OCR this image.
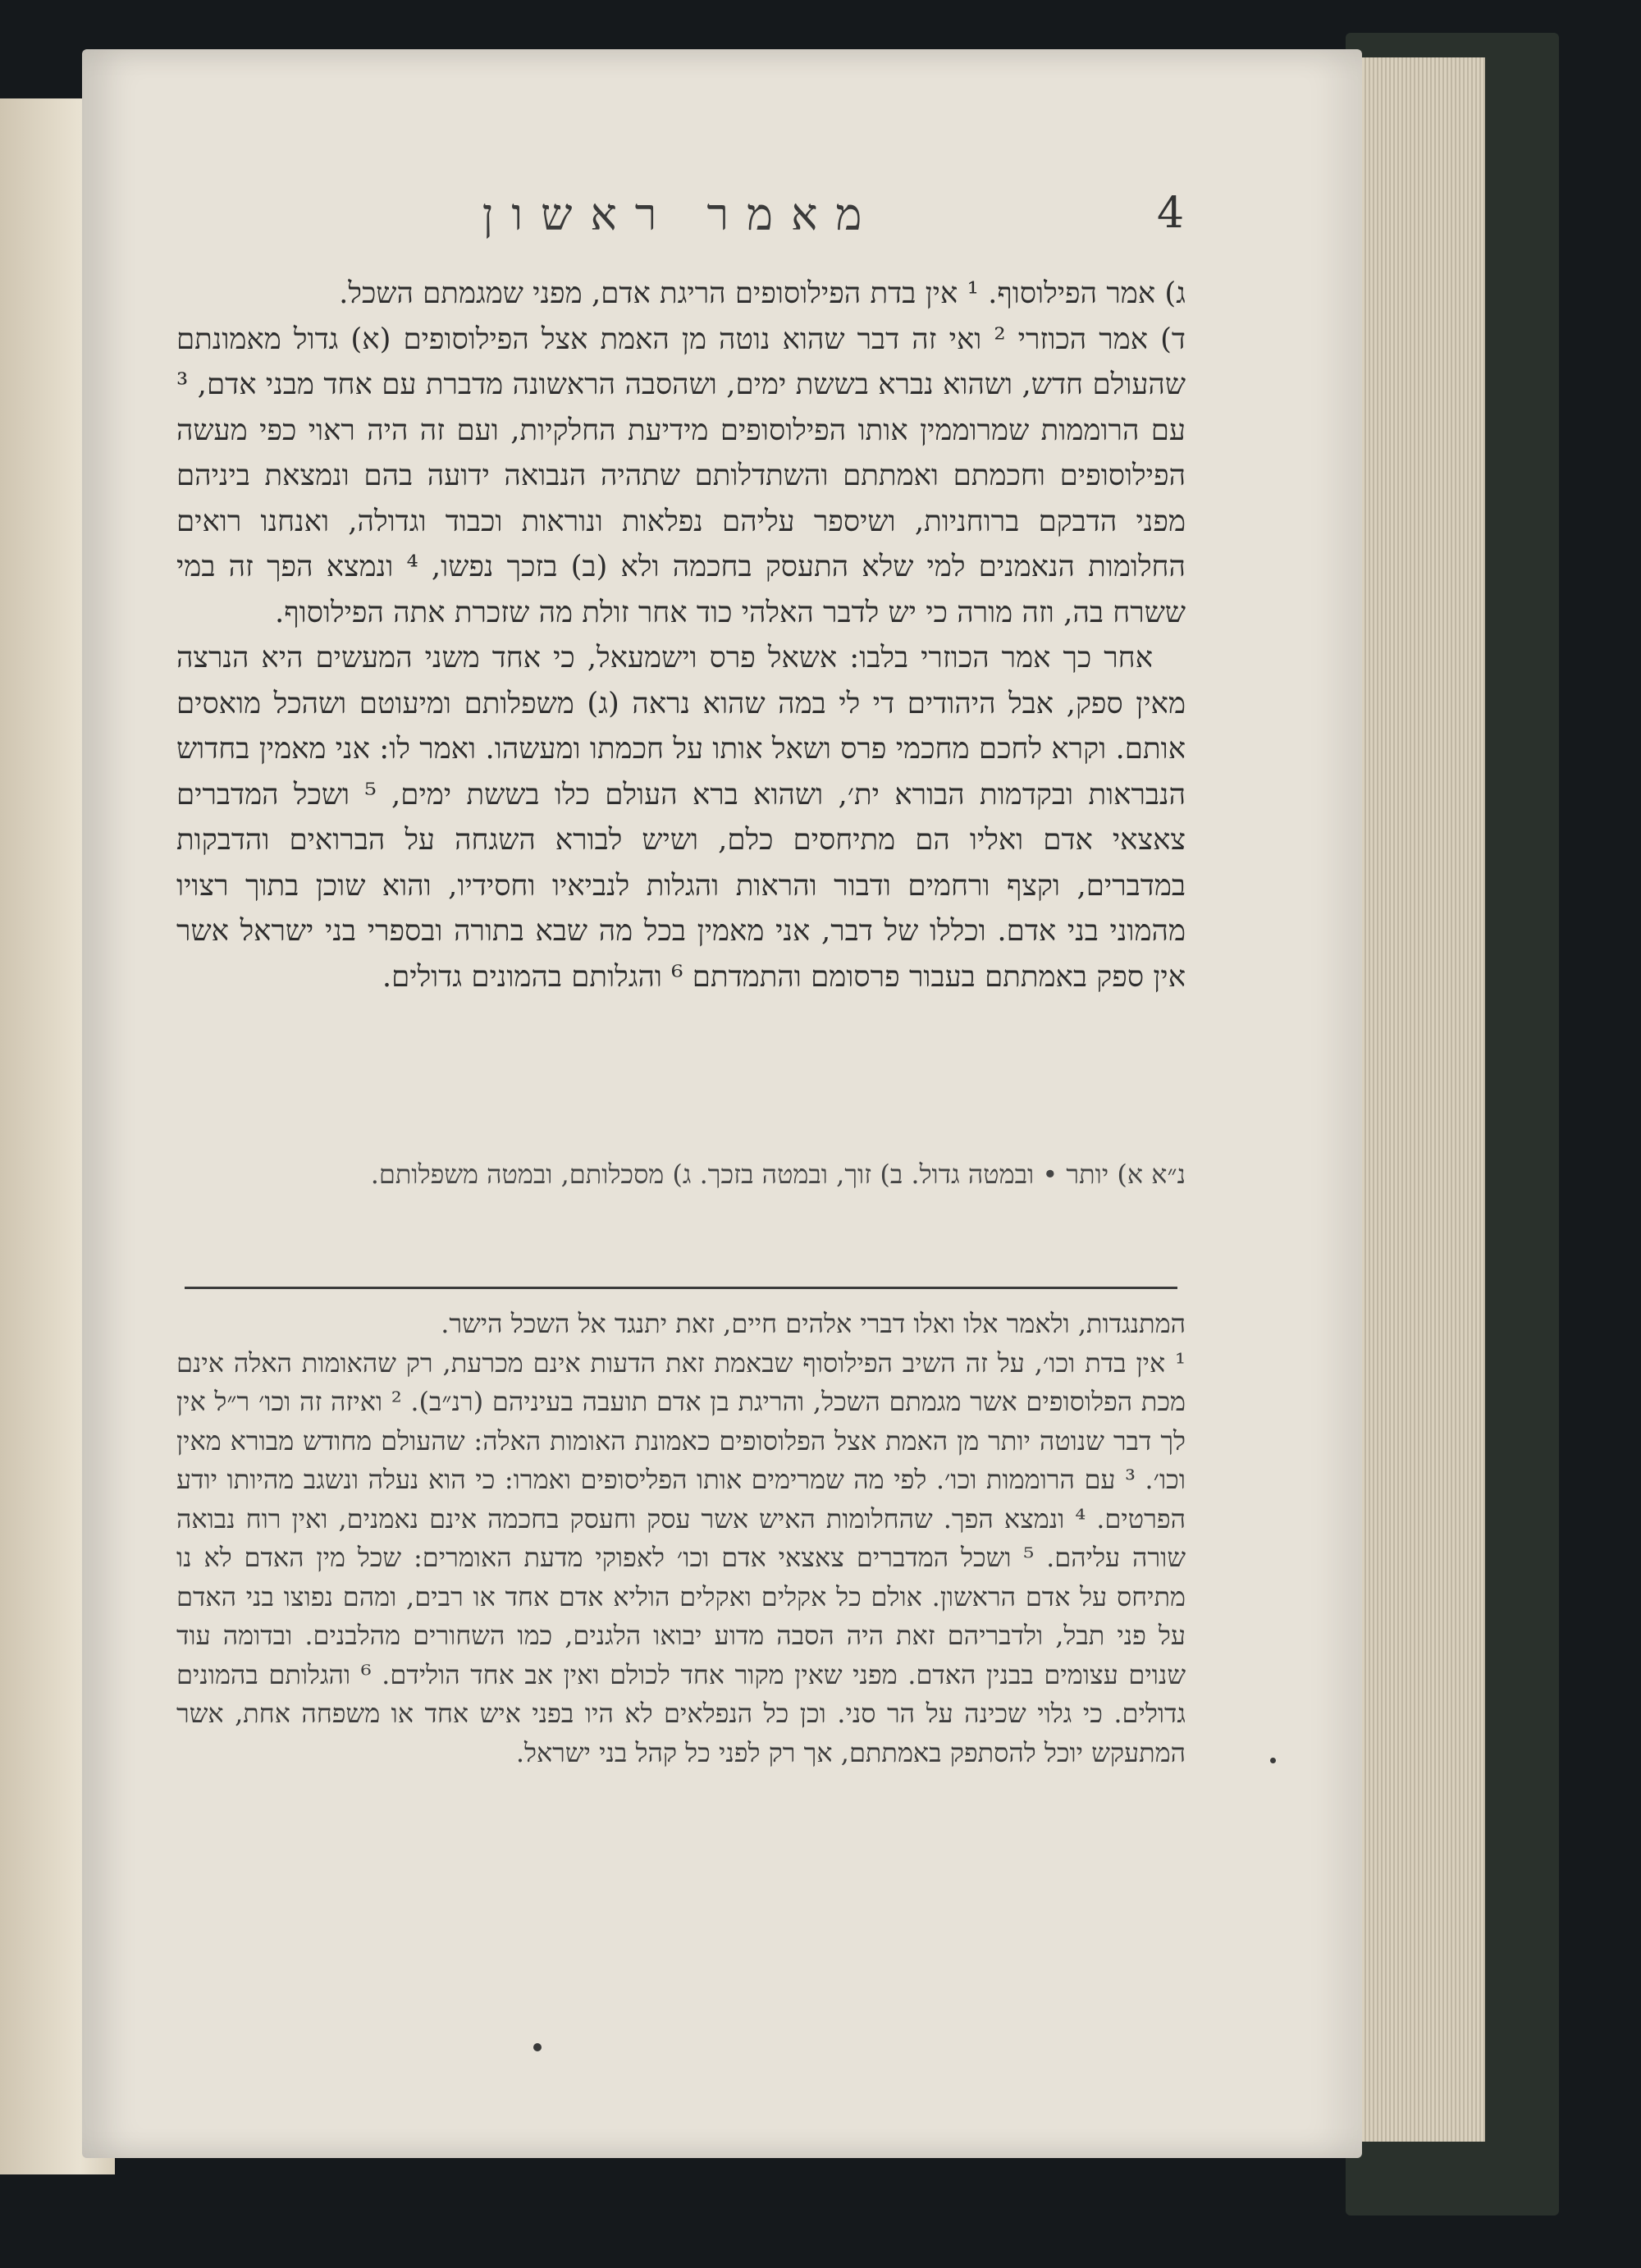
מאמר ראשון	4

ג) אמר הפילוסוף. ¹ אין בדת הפילוסופים הריגת אדם, מפני שמגמתם השכל.

ד) אמר הכוזרי ² ואי זה דבר שהוא נוטה מן האמת אצל הפילוסופים (א) גדול מאמונתם שהעולם חדש, ושהוא נברא בששת ימים, ושהסבה הראשונה מדברת עם אחד מבני אדם, ³ עם הרוממות שמרוממין אותו הפילוסופים מידיעת החלקיות, ועם זה היה ראוי כפי מעשה הפילוסופים וחכמתם ואמתתם והשתדלותם שתהיה הנבואה ידועה בהם ונמצאת ביניהם מפני הדבקם ברוחניות, ושיספר עליהם נפלאות ונוראות וכבוד וגדולה, ואנחנו רואים החלומות הנאמנים למי שלא התעסק בחכמה ולא (ב) בזכך נפשו, ⁴ ונמצא הפך זה במי ששרח בה, וזה מורה כי יש לדבר האלהי כוד אחר זולת מה שזכרת אתה הפילוסוף.

אחר כך אמר הכוזרי בלבו: אשאל פרס וישמעאל, כי אחד משני המעשים היא הנרצה מאין ספק, אבל היהודים די לי במה שהוא נראה (ג) משפלותם ומיעוטם ושהכל מואסים אותם. וקרא לחכם מחכמי פרס ושאל אותו על חכמתו ומעשהו. ואמר לו: אני מאמין בחדוש הנבראות ובקדמות הבורא ית׳, ושהוא ברא העולם כלו בששת ימים, ⁵ ושכל המדברים צאצאי אדם ואליו הם מתיחסים כלם, ושיש לבורא השגחה על הברואים והדבקות במדברים, וקצף ורחמים ודבור והראות והגלות לנביאיו וחסידיו, והוא שוכן בתוך רצויו מהמוני בני אדם. וכללו של דבר, אני מאמין בכל מה שבא בתורה ובספרי בני ישראל אשר אין ספק באמתתם בעבור פרסומם והתמדתם ⁶ והגלותם בהמונים גדולים.

נ״א א) יותר • ובמטה גדול. ב) זוך, ובמטה בזכך. ג) מסכלותם, ובמטה משפלותם.

המתנגדות, ולאמר אלו ואלו דברי אלהים חיים, זאת יתנגד אל השכל הישר.

¹ אין בדת וכו׳, על זה השיב הפילוסוף שבאמת זאת הדעות אינם מכרעת, רק שהאומות האלה אינם מכת הפלוסופים אשר מגמתם השכל, והריגת בן אדם תועבה בעיניהם (רנ״ב). ² ואיזה זה וכו׳ ר״ל אין לך דבר שנוטה יותר מן האמת אצל הפלוסופים כאמונת האומות האלה: שהעולם מחודש מבורא מאין וכו׳. ³ עם הרוממות וכו׳. לפי מה שמרימים אותו הפליסופים ואמרו: כי הוא נעלה ונשגב מהיותו יודע הפרטים. ⁴ ונמצא הפך. שהחלומות האיש אשר עסק וחעסק בחכמה אינם נאמנים, ואין רוח נבואה שורה עליהם. ⁵ ושכל המדברים צאצאי אדם וכו׳ לאפוקי מדעת האומרים: שכל מין האדם לא נו מתיחס על אדם הראשון. אולם כל אקלים ואקלים הוליא אדם אחד או רבים, ומהם נפוצו בני האדם על פני תבל, ולדבריהם זאת היה הסבה מדוע יבואו הלגנים, כמו השחורים מהלבנים. ובדומה עוד שנוים עצומים בבנין האדם. מפני שאין מקור אחד לכולם ואין אב אחד הולידם. ⁶ והגלותם בהמונים גדולים. כי גלוי שכינה על הר סני. וכן כל הנפלאים לא היו בפני איש אחד או משפחה אחת, אשר המתעקש יוכל להסתפק באמתתם, אך רק לפני כל קהל בני ישראל.
